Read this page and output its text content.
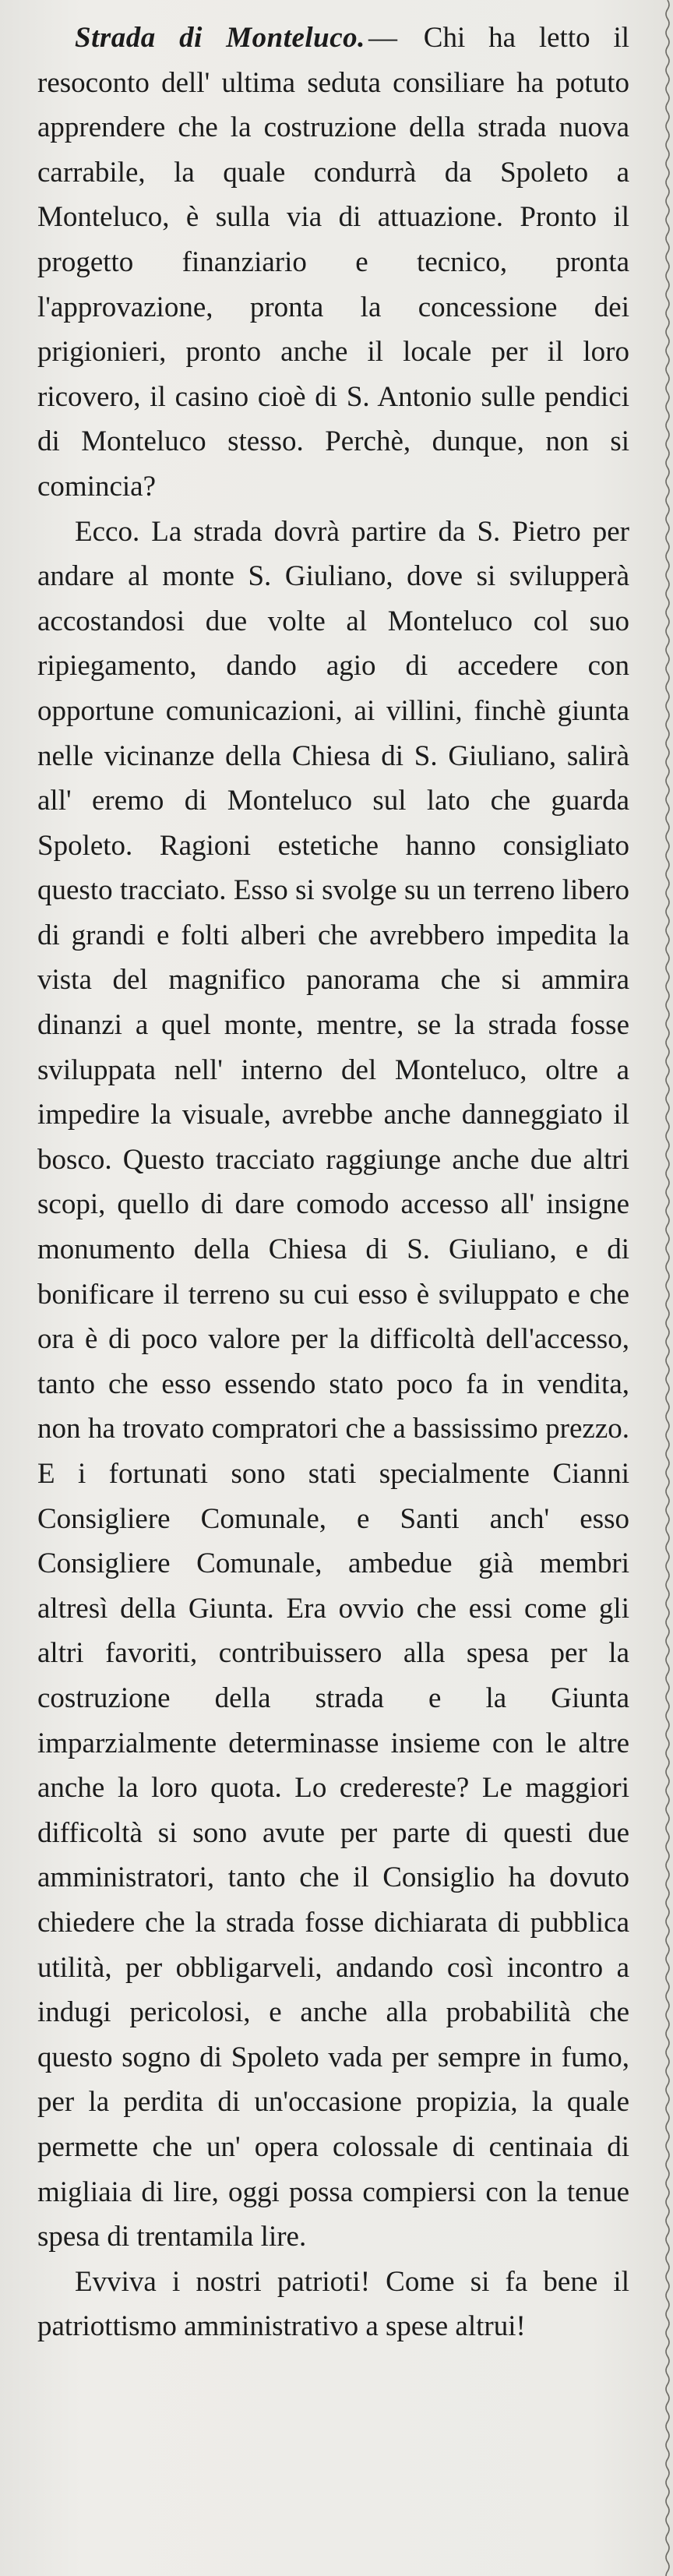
Strada di Monteluco. — Chi ha letto il resoconto dell' ultima seduta consiliare ha potuto apprendere che la costruzione della strada nuova carrabile, la quale condurrà da Spoleto a Monteluco, è sulla via di attuazione. Pronto il progetto finanziario e tecnico, pronta l'approvazione, pronta la concessione dei prigionieri, pronto anche il locale per il loro ricovero, il casino cioè di S. Antonio sulle pendici di Monteluco stesso. Perchè, dunque, non si comincia?

Ecco. La strada dovrà partire da S. Pietro per andare al monte S. Giuliano, dove si svilupperà accostandosi due volte al Monteluco col suo ripiegamento, dando agio di accedere con opportune comunicazioni, ai villini, finchè giunta nelle vicinanze della Chiesa di S. Giuliano, salirà all' eremo di Monteluco sul lato che guarda Spoleto. Ragioni estetiche hanno consigliato questo tracciato. Esso si svolge su un terreno libero di grandi e folti alberi che avrebbero impedita la vista del magnifico panorama che si ammira dinanzi a quel monte, mentre, se la strada fosse sviluppata nell' interno del Monteluco, oltre a impedire la visuale, avrebbe anche danneggiato il bosco. Questo tracciato raggiunge anche due altri scopi, quello di dare comodo accesso all' insigne monumento della Chiesa di S. Giuliano, e di bonificare il terreno su cui esso è sviluppato e che ora è di poco valore per la difficoltà dell'accesso, tanto che esso essendo stato poco fa in vendita, non ha trovato compratori che a bassissimo prezzo. E i fortunati sono stati specialmente Cianni Consigliere Comunale, e Santi anch' esso Consigliere Comunale, ambedue già membri altresì della Giunta. Era ovvio che essi come gli altri favoriti, contribuissero alla spesa per la costruzione della strada e la Giunta imparzialmente determinasse insieme con le altre anche la loro quota. Lo credereste? Le maggiori difficoltà si sono avute per parte di questi due amministratori, tanto che il Consiglio ha dovuto chiedere che la strada fosse dichiarata di pubblica utilità, per obbligarveli, andando così incontro a indugi pericolosi, e anche alla probabilità che questo sogno di Spoleto vada per sempre in fumo, per la perdita di un'occasione propizia, la quale permette che un' opera colossale di centinaia di migliaia di lire, oggi possa compiersi con la tenue spesa di trentamila lire.

Evviva i nostri patrioti! Come si fa bene il patriottismo amministrativo a spese altrui!
